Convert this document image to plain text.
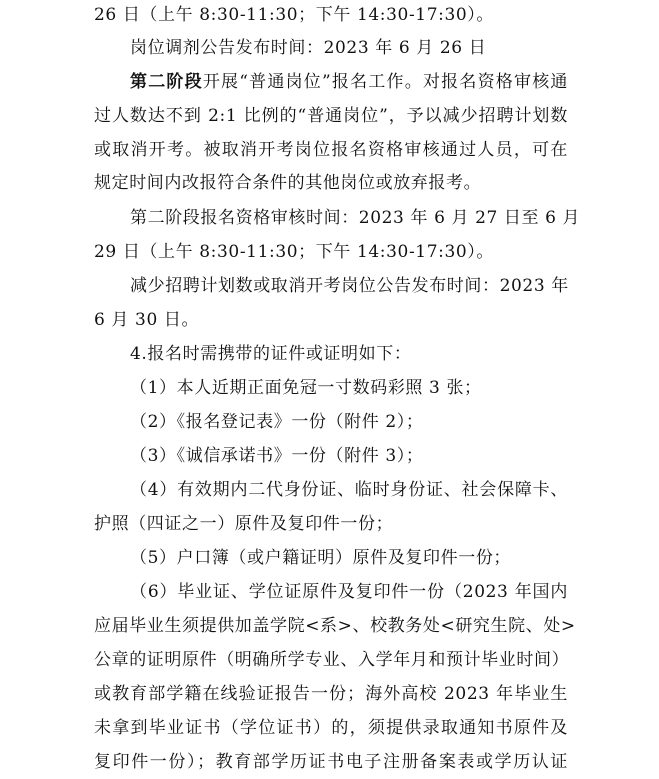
26 日（上午 8:30-11:30；下午 14:30-17:30）。
岗位调剂公告发布时间：2023 年 6 月 26 日
第二阶段开展“普通岗位”报名工作。对报名资格审核通
过人数达不到 2:1 比例的“普通岗位”，予以减少招聘计划数
或取消开考。被取消开考岗位报名资格审核通过人员，可在
规定时间内改报符合条件的其他岗位或放弃报考。
第二阶段报名资格审核时间：2023 年 6 月 27 日至 6 月
29 日（上午 8:30-11:30；下午 14:30-17:30）。
减少招聘计划数或取消开考岗位公告发布时间：2023 年
6 月 30 日。
4.报名时需携带的证件或证明如下：
（1）本人近期正面免冠一寸数码彩照 3 张；
（2）《报名登记表》一份（附件 2）；
（3）《诚信承诺书》一份（附件 3）；
（4）有效期内二代身份证、临时身份证、社会保障卡、
护照（四证之一）原件及复印件一份；
（5）户口簿（或户籍证明）原件及复印件一份；
（6）毕业证、学位证原件及复印件一份（2023 年国内
应届毕业生须提供加盖学院<系>、校教务处<研究生院、处>
公章的证明原件（明确所学专业、入学年月和预计毕业时间）
或教育部学籍在线验证报告一份；海外高校 2023 年毕业生
未拿到毕业证书（学位证书）的，须提供录取通知书原件及
复印件一份）；教育部学历证书电子注册备案表或学历认证
